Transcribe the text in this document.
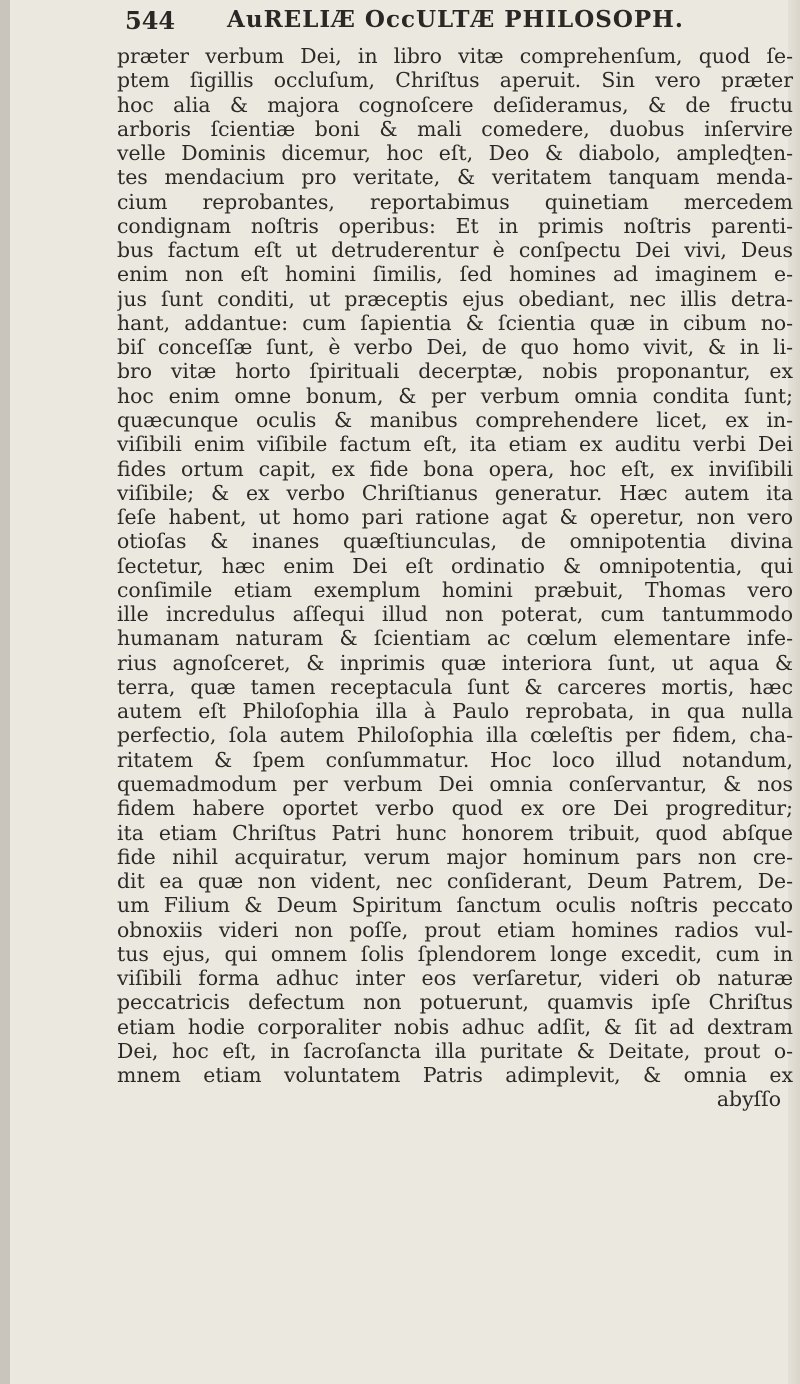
544 AuRELIÆ OccULTÆ PHILOSOPH.
præter verbum Dei, in libro vitæ comprehenſum, quod ſe-
ptem ſigillis occluſum, Chriſtus aperuit. Sin vero præter
hoc alia & majora cognoſcere deſideramus, & de fructu
arboris ſcientiæ boni & mali comedere, duobus inſervire
velle Dominis dicemur, hoc eſt, Deo & diabolo, ampleɖten-
tes mendacium pro veritate, & veritatem tanquam menda-
cium reprobantes, reportabimus quinetiam mercedem
condignam noſtris operibus: Et in primis noſtris parenti-
bus factum eſt ut detruderentur è conſpectu Dei vivi, Deus
enim non eſt homini ſimilis, ſed homines ad imaginem e-
jus ſunt conditi, ut præceptis ejus obediant, nec illis detra-
hant, addantue: cum ſapientia & ſcientia quæ in cibum no-
biſ conceſſæ ſunt, è verbo Dei, de quo homo vivit, & in li-
bro vitæ horto ſpirituali decerptæ, nobis proponantur, ex
hoc enim omne bonum, & per verbum omnia condita ſunt;
quæcunque oculis & manibus comprehendere licet, ex in-
viſibili enim viſibile factum eſt, ita etiam ex auditu verbi Dei
fides ortum capit, ex fide bona opera, hoc eſt, ex inviſibili
viſibile; & ex verbo Chriſtianus generatur. Hæc autem ita
ſeſe habent, ut homo pari ratione agat & operetur, non vero
otioſas & inanes quæſtiunculas, de omnipotentia divina
ſectetur, hæc enim Dei eſt ordinatio & omnipotentia, qui
conſimile etiam exemplum homini præbuit, Thomas vero
ille incredulus aſſequi illud non poterat, cum tantummodo
humanam naturam & ſcientiam ac cœlum elementare infe-
rius agnoſceret, & inprimis quæ interiora ſunt, ut aqua &
terra, quæ tamen receptacula ſunt & carceres mortis, hæc
autem eſt Philoſophia illa à Paulo reprobata, in qua nulla
perfectio, ſola autem Philoſophia illa cœleſtis per fidem, cha-
ritatem & ſpem conſummatur. Hoc loco illud notandum,
quemadmodum per verbum Dei omnia conſervantur, & nos
fidem habere oportet verbo quod ex ore Dei progreditur;
ita etiam Chriſtus Patri hunc honorem tribuit, quod abſque
fide nihil acquiratur, verum major hominum pars non cre-
dit ea quæ non vident, nec conſiderant, Deum Patrem, De-
um Filium & Deum Spiritum ſanctum oculis noſtris peccato
obnoxiis videri non poſſe, prout etiam homines radios vul-
tus ejus, qui omnem ſolis ſplendorem longe excedit, cum in
viſibili forma adhuc inter eos verſaretur, videri ob naturæ
peccatricis defectum non potuerunt, quamvis ipſe Chriſtus
etiam hodie corporaliter nobis adhuc adſit, & ſit ad dextram
Dei, hoc eſt, in ſacroſancta illa puritate & Deitate, prout o-
mnem etiam voluntatem Patris adimplevit, & omnia ex
abyſſo
